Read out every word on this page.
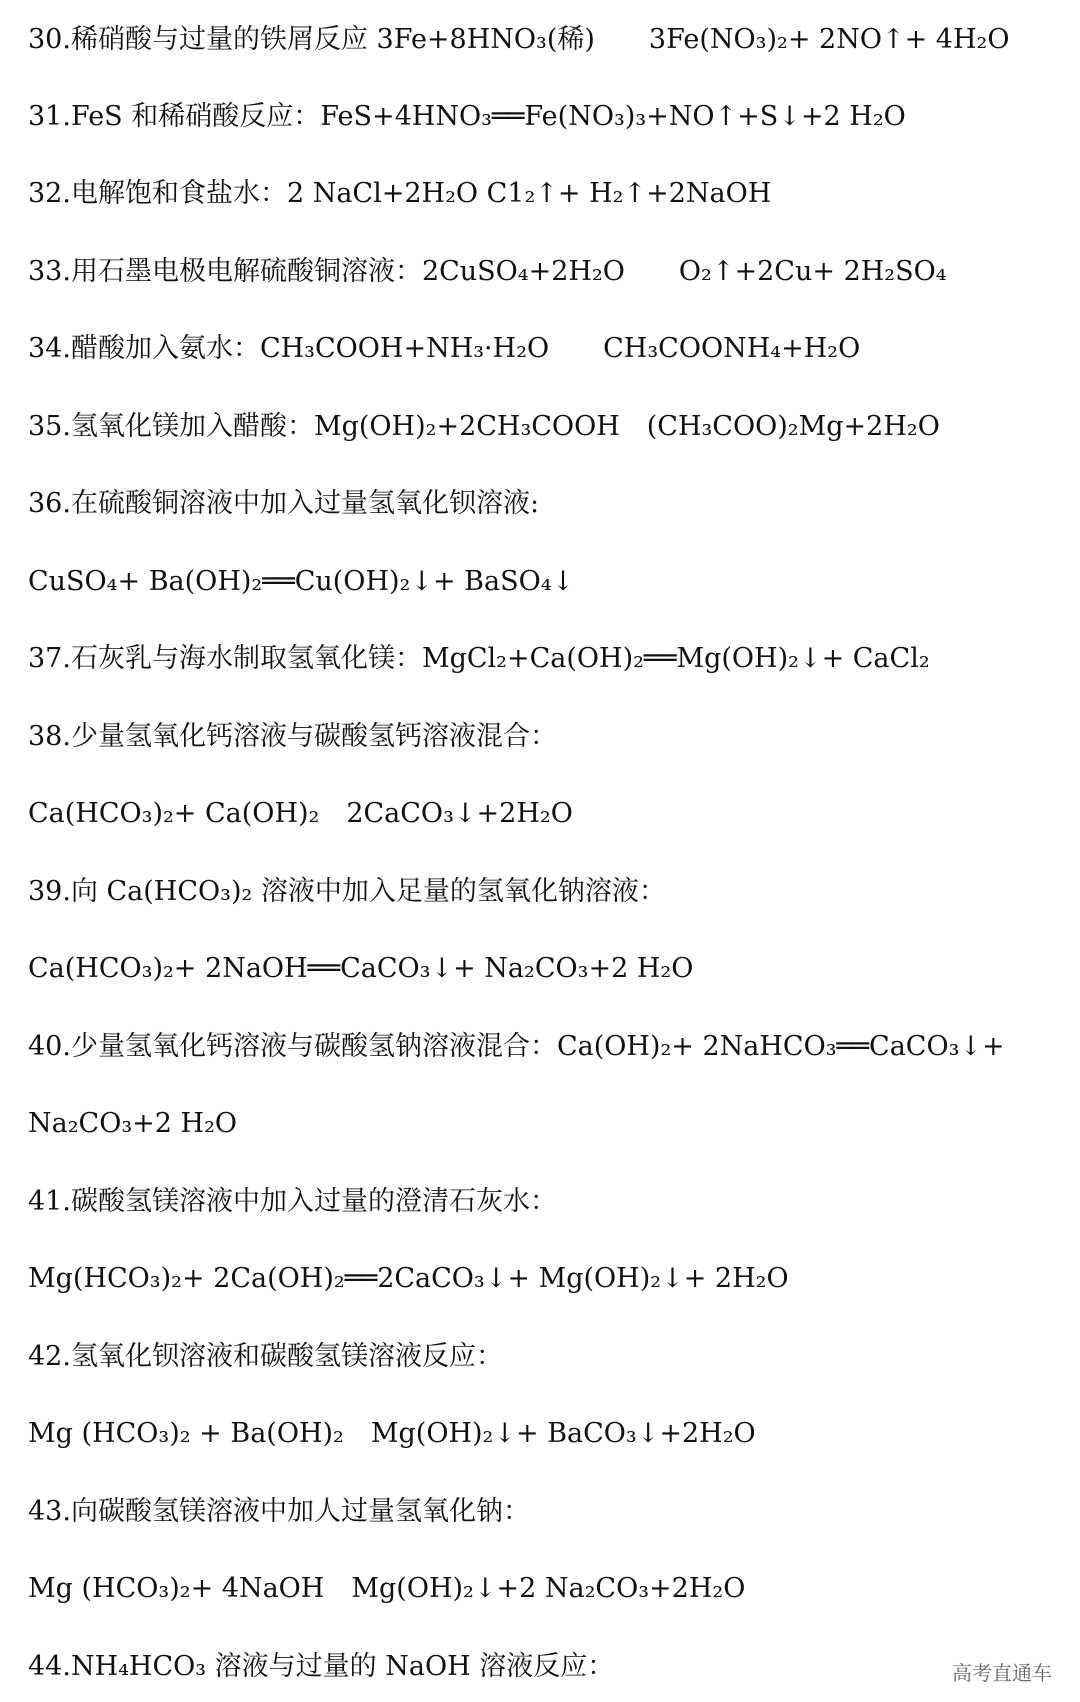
30.稀硝酸与过量的铁屑反应 3Fe+8HNO₃(稀)　　3Fe(NO₃)₂+ 2NO↑+ 4H₂O
31.FeS 和稀硝酸反应：FeS+4HNO₃══Fe(NO₃)₃+NO↑+S↓+2 H₂O
32.电解饱和食盐水：2 NaCl+2H₂O C1₂↑+ H₂↑+2NaOH
33.用石墨电极电解硫酸铜溶液：2CuSO₄+2H₂O　　O₂↑+2Cu+ 2H₂SO₄
34.醋酸加入氨水：CH₃COOH+NH₃·H₂O　　CH₃COONH₄+H₂O
35.氢氧化镁加入醋酸：Mg(OH)₂+2CH₃COOH　(CH₃COO)₂Mg+2H₂O
36.在硫酸铜溶液中加入过量氢氧化钡溶液:
CuSO₄+ Ba(OH)₂══Cu(OH)₂↓+ BaSO₄↓
37.石灰乳与海水制取氢氧化镁：MgCl₂+Ca(OH)₂══Mg(OH)₂↓+ CaCl₂
38.少量氢氧化钙溶液与碳酸氢钙溶液混合：
Ca(HCO₃)₂+ Ca(OH)₂　2CaCO₃↓+2H₂O
39.向 Ca(HCO₃)₂ 溶液中加入足量的氢氧化钠溶液：
Ca(HCO₃)₂+ 2NaOH══CaCO₃↓+ Na₂CO₃+2 H₂O
40.少量氢氧化钙溶液与碳酸氢钠溶液混合：Ca(OH)₂+ 2NaHCO₃══CaCO₃↓+
Na₂CO₃+2 H₂O
41.碳酸氢镁溶液中加入过量的澄清石灰水：
Mg(HCO₃)₂+ 2Ca(OH)₂══2CaCO₃↓+ Mg(OH)₂↓+ 2H₂O
42.氢氧化钡溶液和碳酸氢镁溶液反应：
Mg (HCO₃)₂ + Ba(OH)₂　Mg(OH)₂↓+ BaCO₃↓+2H₂O
43.向碳酸氢镁溶液中加人过量氢氧化钠：
Mg (HCO₃)₂+ 4NaOH　Mg(OH)₂↓+2 Na₂CO₃+2H₂O
44.NH₄HCO₃ 溶液与过量的 NaOH 溶液反应：	高考直通车
